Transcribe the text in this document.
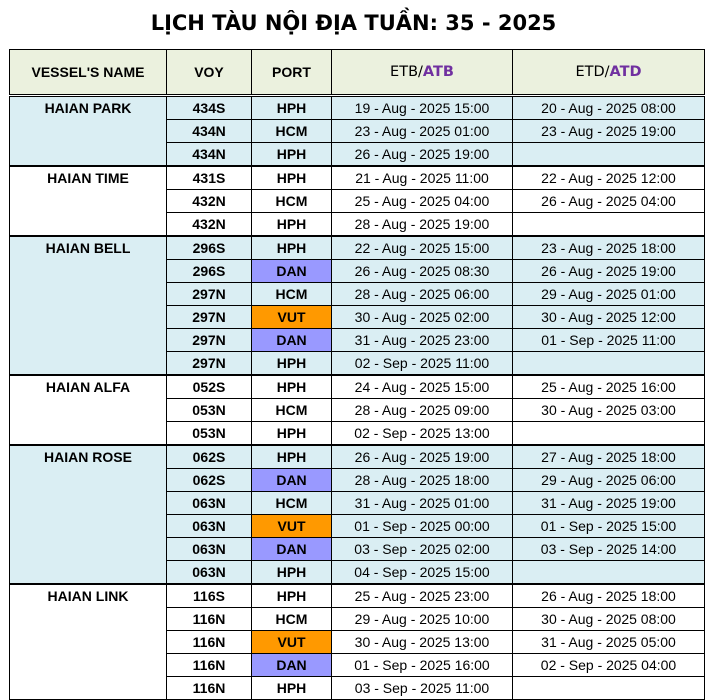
LỊCH TÀU NỘI ĐỊA TUẦN: 35 - 2025
VESSEL'S NAME	VOY	PORT	ETB/ATB	ETD/ATD
HAIAN PARK	434S	HPH	19 - Aug - 2025 15:00	20 - Aug - 2025 08:00
	434N	HCM	23 - Aug - 2025 01:00	23 - Aug - 2025 19:00
	434N	HPH	26 - Aug - 2025 19:00	
HAIAN TIME	431S	HPH	21 - Aug - 2025 11:00	22 - Aug - 2025 12:00
	432N	HCM	25 - Aug - 2025 04:00	26 - Aug - 2025 04:00
	432N	HPH	28 - Aug - 2025 19:00	
HAIAN BELL	296S	HPH	22 - Aug - 2025 15:00	23 - Aug - 2025 18:00
	296S	DAN	26 - Aug - 2025 08:30	26 - Aug - 2025 19:00
	297N	HCM	28 - Aug - 2025 06:00	29 - Aug - 2025 01:00
	297N	VUT	30 - Aug - 2025 02:00	30 - Aug - 2025 12:00
	297N	DAN	31 - Aug - 2025 23:00	01 - Sep - 2025 11:00
	297N	HPH	02 - Sep - 2025 11:00	
HAIAN ALFA	052S	HPH	24 - Aug - 2025 15:00	25 - Aug - 2025 16:00
	053N	HCM	28 - Aug - 2025 09:00	30 - Aug - 2025 03:00
	053N	HPH	02 - Sep - 2025 13:00	
HAIAN ROSE	062S	HPH	26 - Aug - 2025 19:00	27 - Aug - 2025 18:00
	062S	DAN	28 - Aug - 2025 18:00	29 - Aug - 2025 06:00
	063N	HCM	31 - Aug - 2025 01:00	31 - Aug - 2025 19:00
	063N	VUT	01 - Sep - 2025 00:00	01 - Sep - 2025 15:00
	063N	DAN	03 - Sep - 2025 02:00	03 - Sep - 2025 14:00
	063N	HPH	04 - Sep - 2025 15:00	
HAIAN LINK	116S	HPH	25 - Aug - 2025 23:00	26 - Aug - 2025 18:00
	116N	HCM	29 - Aug - 2025 10:00	30 - Aug - 2025 08:00
	116N	VUT	30 - Aug - 2025 13:00	31 - Aug - 2025 05:00
	116N	DAN	01 - Sep - 2025 16:00	02 - Sep - 2025 04:00
	116N	HPH	03 - Sep - 2025 11:00	
